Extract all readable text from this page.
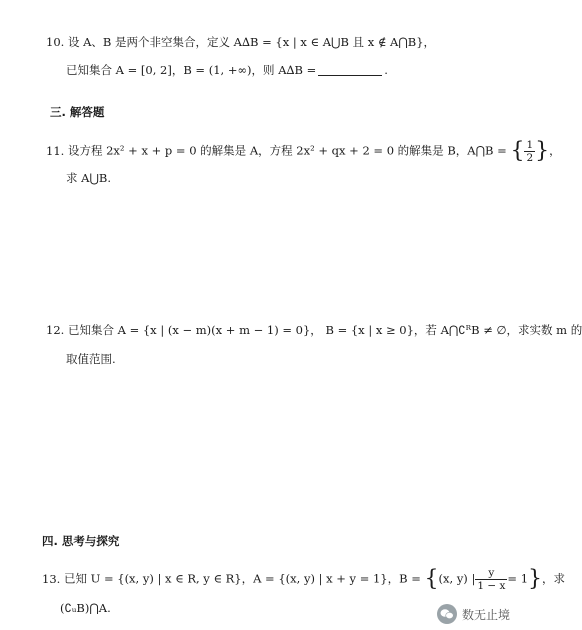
10. 设 A、B 是两个非空集合，定义 A∆B = {x | x ∈ A⋃B 且 x ∉ A⋂B}，
已知集合 A = [0, 2]，B = (1, +∞)，则 A∆B =	.
三. 解答题
11. 设方程 2x² + x + p = 0 的解集是 A，方程 2x² + qx + 2 = 0 的解集是 B，A⋂B = { $\frac{1}{2}$ }，
求 A⋃B.
12. 已知集合 A = {x | (x − m)(x + m − 1) = 0}， B = {x | x ≥ 0}，若 A⋂∁ᴿB ≠ ∅，求实数 m 的
取值范围.
四. 思考与探究
13. 已知 U = {(x, y) | x ∈ R, y ∈ R}，A = {(x, y) | x + y = 1}，B = {(x, y) | $\frac{y}{1 - x} = 1$}，求
(∁ᵤB)⋂A.	数无止境
